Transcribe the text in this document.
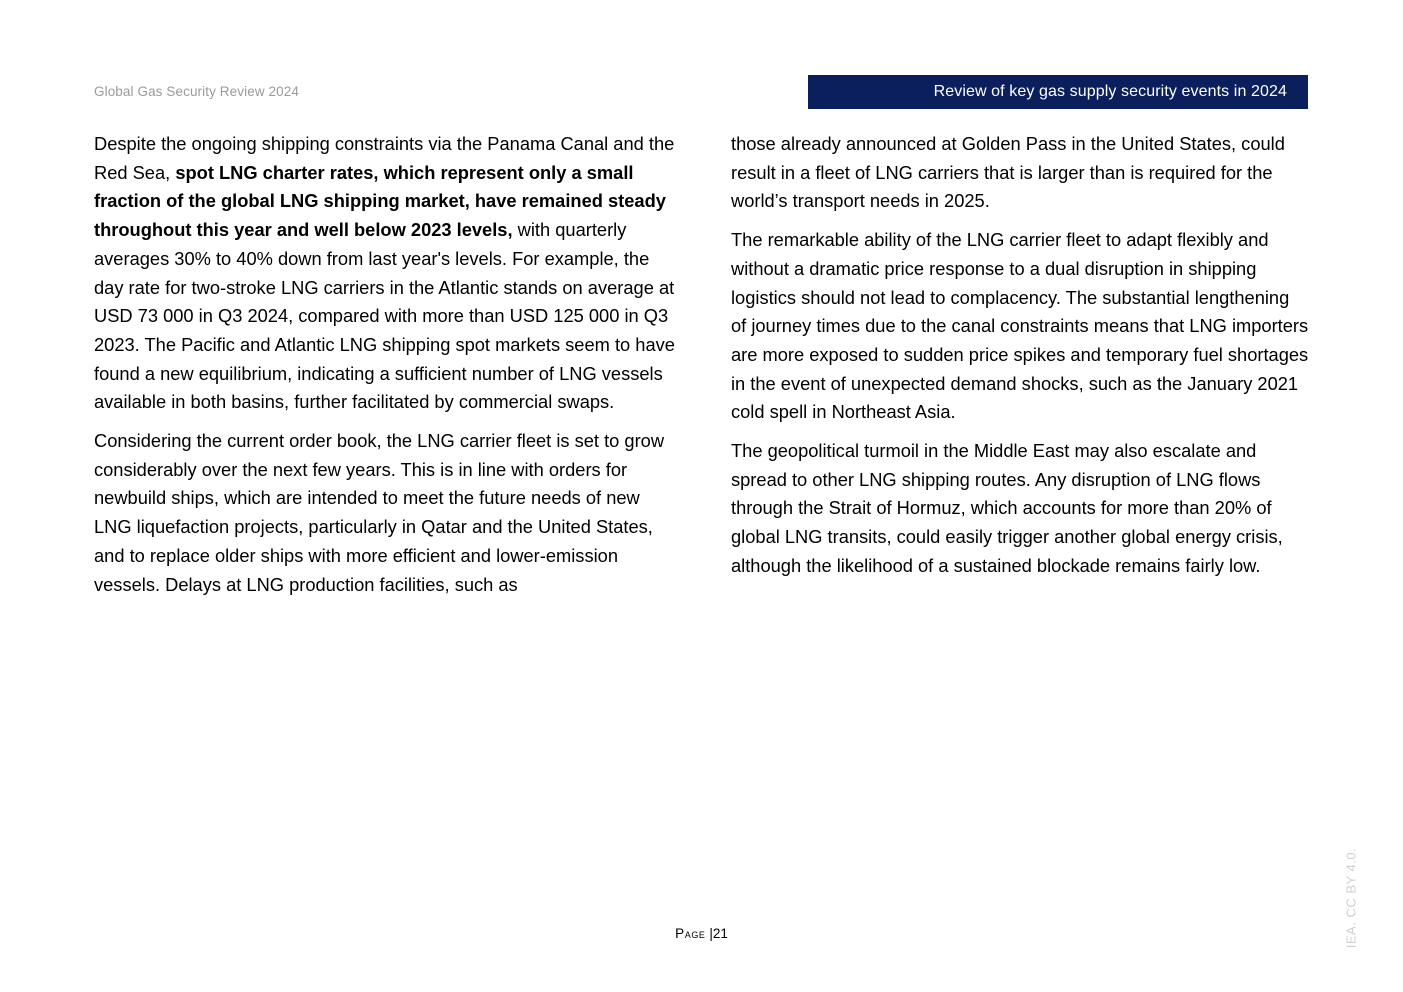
Global Gas Security Review 2024	Review of key gas supply security events in 2024

Despite the ongoing shipping constraints via the Panama Canal and the Red Sea, spot LNG charter rates, which represent only a small fraction of the global LNG shipping market, have remained steady throughout this year and well below 2023 levels, with quarterly averages 30% to 40% down from last year's levels. For example, the day rate for two-stroke LNG carriers in the Atlantic stands on average at USD 73 000 in Q3 2024, compared with more than USD 125 000 in Q3 2023. The Pacific and Atlantic LNG shipping spot markets seem to have found a new equilibrium, indicating a sufficient number of LNG vessels available in both basins, further facilitated by commercial swaps.

Considering the current order book, the LNG carrier fleet is set to grow considerably over the next few years. This is in line with orders for newbuild ships, which are intended to meet the future needs of new LNG liquefaction projects, particularly in Qatar and the United States, and to replace older ships with more efficient and lower-emission vessels. Delays at LNG production facilities, such as

those already announced at Golden Pass in the United States, could result in a fleet of LNG carriers that is larger than is required for the world’s transport needs in 2025.

The remarkable ability of the LNG carrier fleet to adapt flexibly and without a dramatic price response to a dual disruption in shipping logistics should not lead to complacency. The substantial lengthening of journey times due to the canal constraints means that LNG importers are more exposed to sudden price spikes and temporary fuel shortages in the event of unexpected demand shocks, such as the January 2021 cold spell in Northeast Asia.

The geopolitical turmoil in the Middle East may also escalate and spread to other LNG shipping routes. Any disruption of LNG flows through the Strait of Hormuz, which accounts for more than 20% of global LNG transits, could easily trigger another global energy crisis, although the likelihood of a sustained blockade remains fairly low.

Page |21	IEA. CC BY 4.0.
